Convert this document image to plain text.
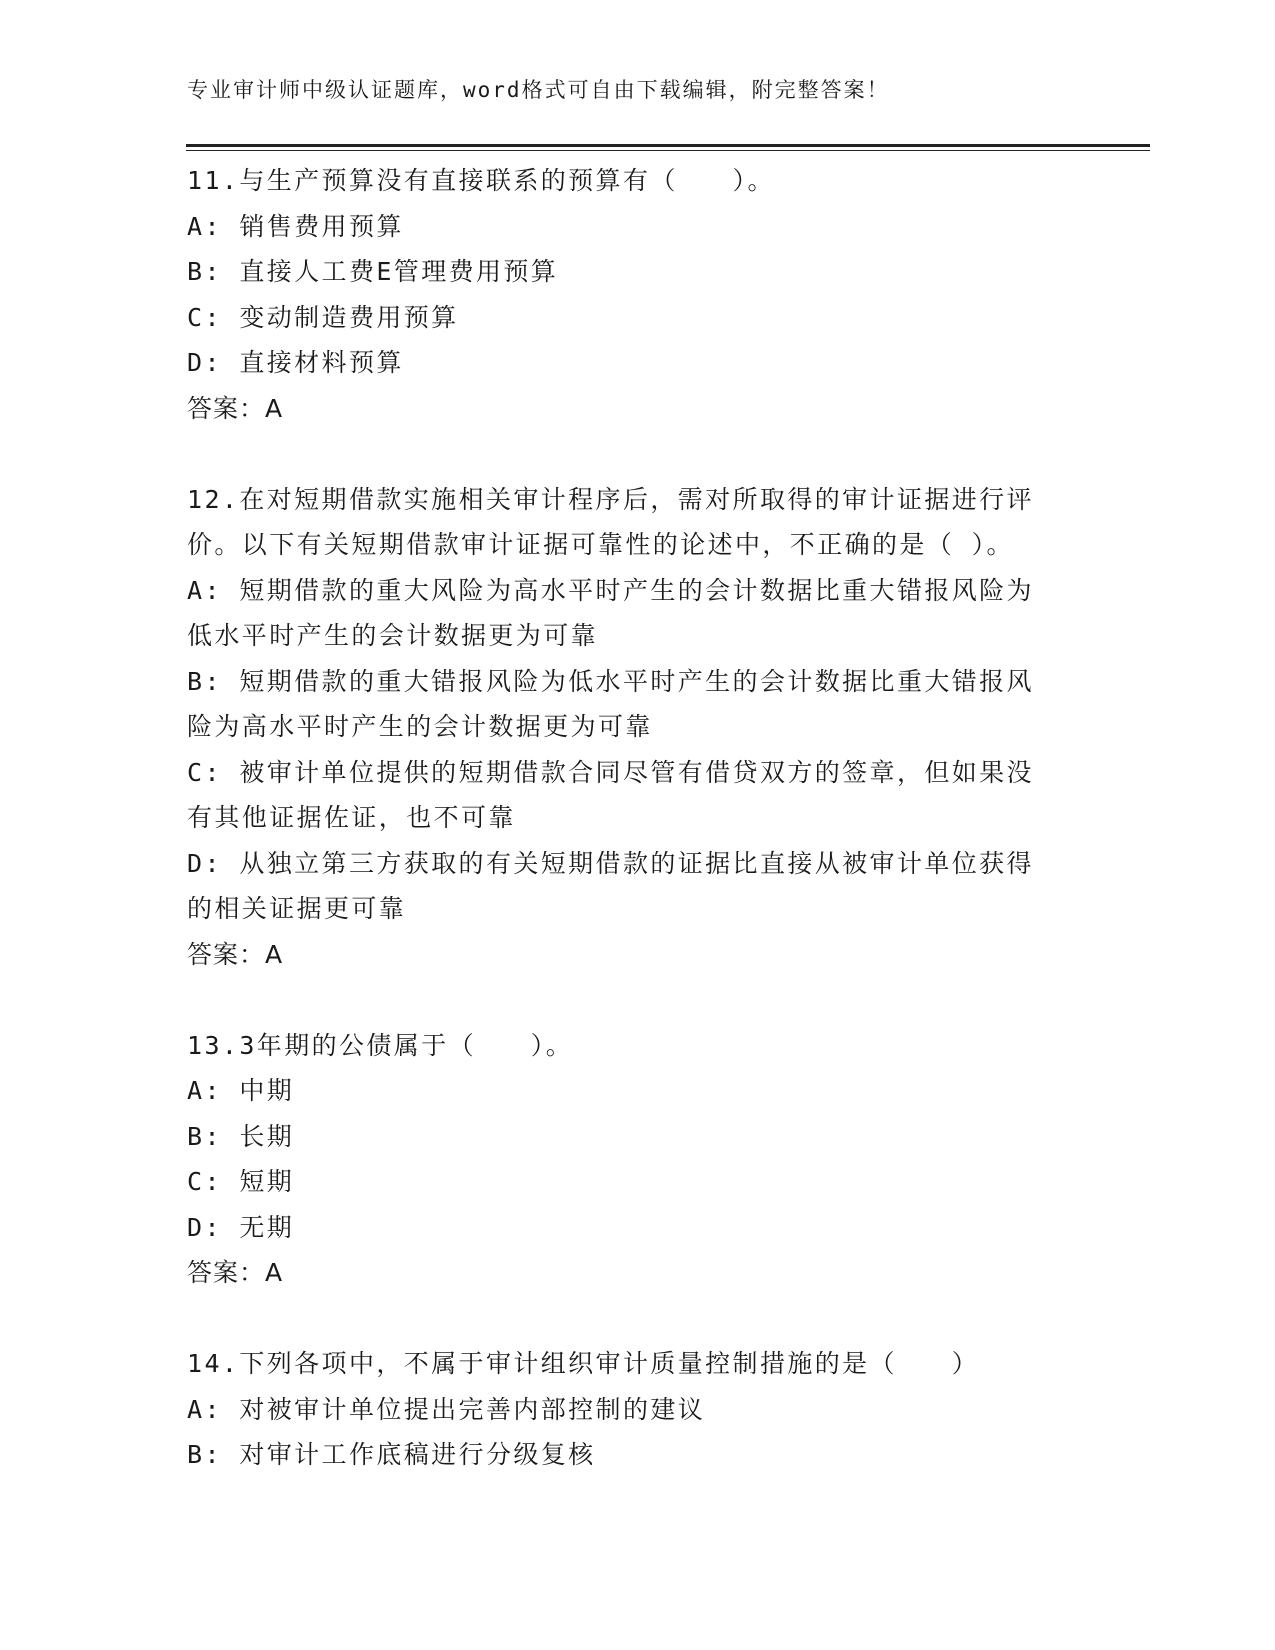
专业审计师中级认证题库，word格式可自由下载编辑，附完整答案！
11.与生产预算没有直接联系的预算有（　　）。
A: 销售费用预算
B: 直接人工费E管理费用预算
C: 变动制造费用预算
D: 直接材料预算
答案：A
12.在对短期借款实施相关审计程序后，需对所取得的审计证据进行评
价。以下有关短期借款审计证据可靠性的论述中，不正确的是（ ）。
A: 短期借款的重大风险为高水平时产生的会计数据比重大错报风险为
低水平时产生的会计数据更为可靠
B: 短期借款的重大错报风险为低水平时产生的会计数据比重大错报风
险为高水平时产生的会计数据更为可靠
C: 被审计单位提供的短期借款合同尽管有借贷双方的签章，但如果没
有其他证据佐证，也不可靠
D: 从独立第三方获取的有关短期借款的证据比直接从被审计单位获得
的相关证据更可靠
答案：A
13.3年期的公债属于（　　）。
A: 中期
B: 长期
C: 短期
D: 无期
答案：A
14.下列各项中，不属于审计组织审计质量控制措施的是（　　）
A: 对被审计单位提出完善内部控制的建议
B: 对审计工作底稿进行分级复核
